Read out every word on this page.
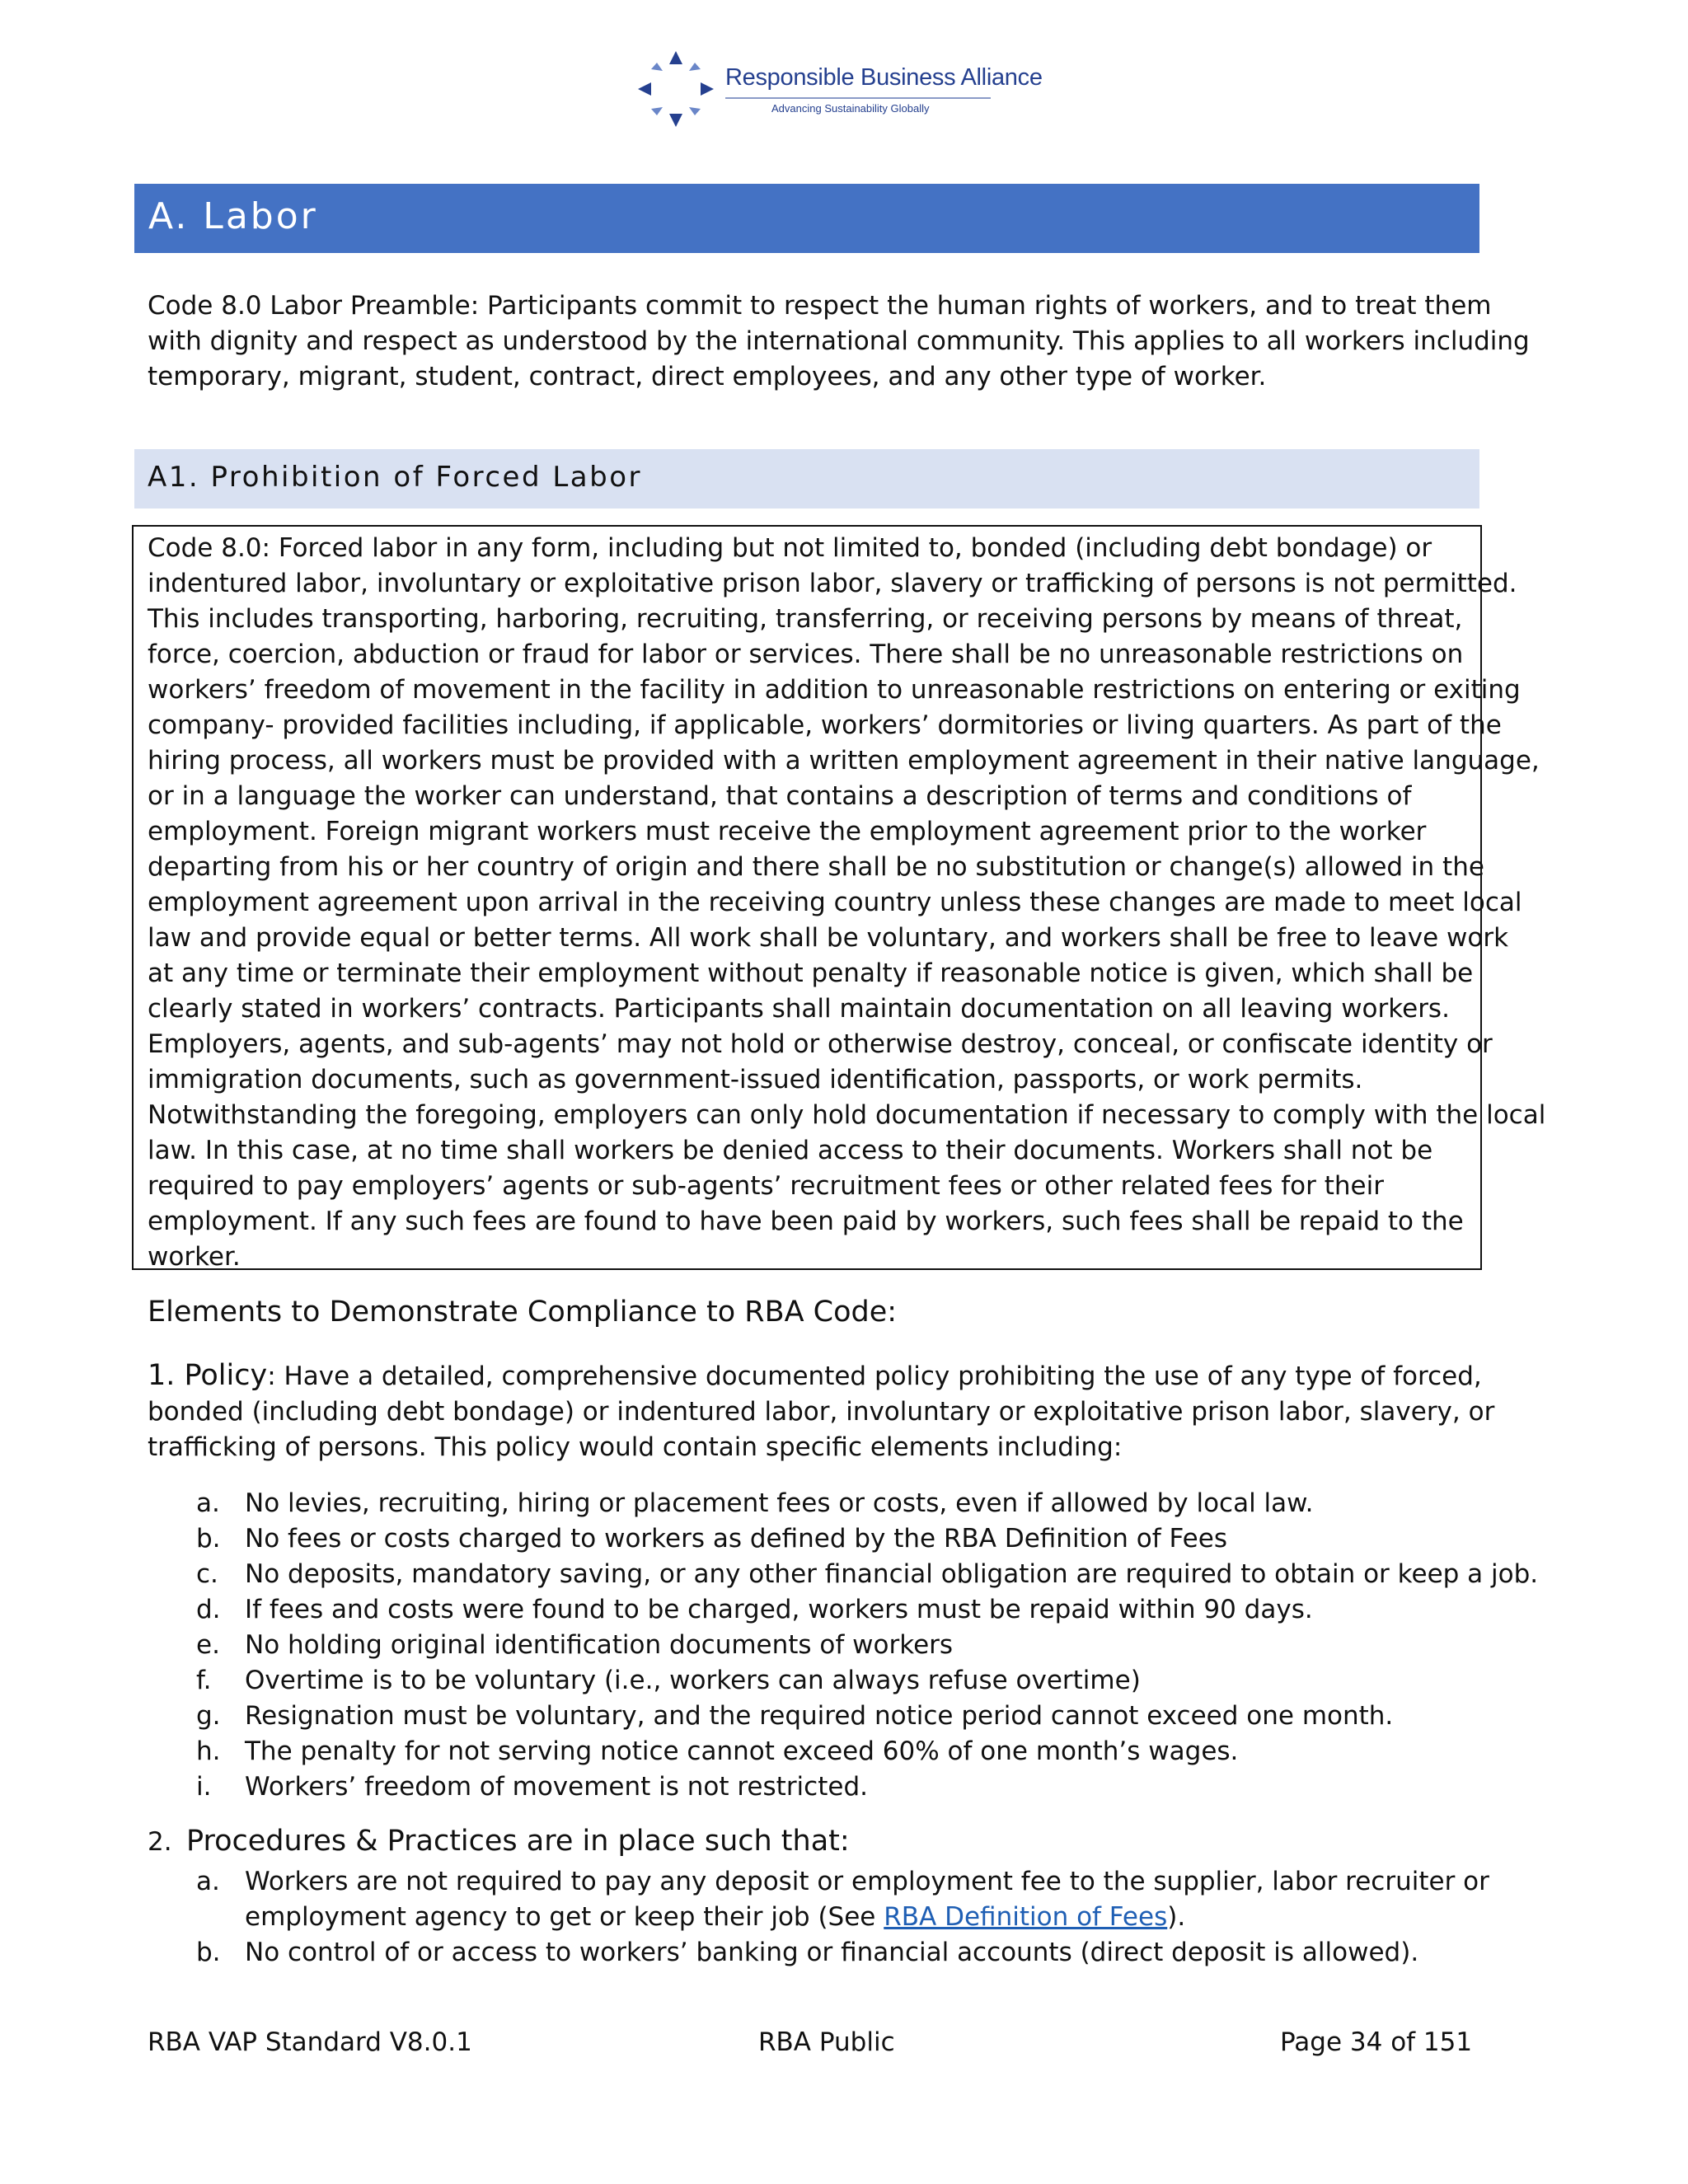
Responsible Business Alliance
Advancing Sustainability Globally
A. Labor

Code 8.0 Labor Preamble: Participants commit to respect the human rights of workers, and to treat them
with dignity and respect as understood by the international community. This applies to all workers including
temporary, migrant, student, contract, direct employees, and any other type of worker.

A1. Prohibition of Forced Labor

Code 8.0: Forced labor in any form, including but not limited to, bonded (including debt bondage) or
indentured labor, involuntary or exploitative prison labor, slavery or trafficking of persons is not permitted.
This includes transporting, harboring, recruiting, transferring, or receiving persons by means of threat,
force, coercion, abduction or fraud for labor or services. There shall be no unreasonable restrictions on
workers’ freedom of movement in the facility in addition to unreasonable restrictions on entering or exiting
company- provided facilities including, if applicable, workers’ dormitories or living quarters. As part of the
hiring process, all workers must be provided with a written employment agreement in their native language,
or in a language the worker can understand, that contains a description of terms and conditions of
employment. Foreign migrant workers must receive the employment agreement prior to the worker
departing from his or her country of origin and there shall be no substitution or change(s) allowed in the
employment agreement upon arrival in the receiving country unless these changes are made to meet local
law and provide equal or better terms. All work shall be voluntary, and workers shall be free to leave work
at any time or terminate their employment without penalty if reasonable notice is given, which shall be
clearly stated in workers’ contracts. Participants shall maintain documentation on all leaving workers.
Employers, agents, and sub-agents’ may not hold or otherwise destroy, conceal, or confiscate identity or
immigration documents, such as government-issued identification, passports, or work permits.
Notwithstanding the foregoing, employers can only hold documentation if necessary to comply with the local
law. In this case, at no time shall workers be denied access to their documents. Workers shall not be
required to pay employers’ agents or sub-agents’ recruitment fees or other related fees for their
employment. If any such fees are found to have been paid by workers, such fees shall be repaid to the
worker.

Elements to Demonstrate Compliance to RBA Code:

1. Policy: Have a detailed, comprehensive documented policy prohibiting the use of any type of forced,
bonded (including debt bondage) or indentured labor, involuntary or exploitative prison labor, slavery, or
trafficking of persons. This policy would contain specific elements including:

a. No levies, recruiting, hiring or placement fees or costs, even if allowed by local law.
b. No fees or costs charged to workers as defined by the RBA Definition of Fees
c. No deposits, mandatory saving, or any other financial obligation are required to obtain or keep a job.
d. If fees and costs were found to be charged, workers must be repaid within 90 days.
e. No holding original identification documents of workers
f. Overtime is to be voluntary (i.e., workers can always refuse overtime)
g. Resignation must be voluntary, and the required notice period cannot exceed one month.
h. The penalty for not serving notice cannot exceed 60% of one month’s wages.
i. Workers’ freedom of movement is not restricted.
2. Procedures & Practices are in place such that:
a. Workers are not required to pay any deposit or employment fee to the supplier, labor recruiter or
employment agency to get or keep their job (See RBA Definition of Fees).
b. No control of or access to workers’ banking or financial accounts (direct deposit is allowed).
RBA VAP Standard V8.0.1	RBA Public	Page 34 of 151
